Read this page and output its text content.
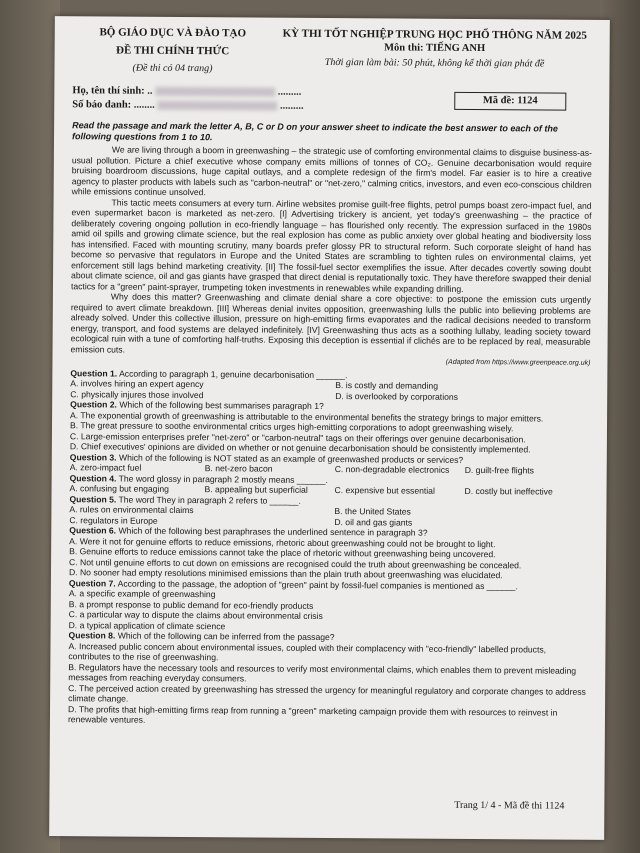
BỘ GIÁO DỤC VÀ ĐÀO TẠO
ĐỀ THI CHÍNH THỨC
(Đề thi có 04 trang)
KỲ THI TỐT NGHIỆP TRUNG HỌC PHỔ THÔNG NĂM 2025
Môn thi: TIẾNG ANH
Thời gian làm bài: 50 phút, không kể thời gian phát đề
Họ, tên thí sinh: ..	.........
Số báo danh: ........	.........	Mã đề: 1124
Read the passage and mark the letter A, B, C or D on your answer sheet to indicate the best answer to each of the following questions from 1 to 10.

We are living through a boom in greenwashing – the strategic use of comforting environmental claims to disguise business-as-usual pollution. Picture a chief executive whose company emits millions of tonnes of CO₂. Genuine decarbonisation would require bruising boardroom discussions, huge capital outlays, and a complete redesign of the firm's model. Far easier is to hire a creative agency to plaster products with labels such as "carbon-neutral" or "net-zero," calming critics, investors, and even eco-conscious children while emissions continue unsolved.

This tactic meets consumers at every turn. Airline websites promise guilt-free flights, petrol pumps boast zero-impact fuel, and even supermarket bacon is marketed as net-zero. [I] Advertising trickery is ancient, yet today's greenwashing – the practice of deliberately covering ongoing pollution in eco-friendly language – has flourished only recently. The expression surfaced in the 1980s amid oil spills and growing climate science, but the real explosion has come as public anxiety over global heating and biodiversity loss has intensified. Faced with mounting scrutiny, many boards prefer glossy PR to structural reform. Such corporate sleight of hand has become so pervasive that regulators in Europe and the United States are scrambling to tighten rules on environmental claims, yet enforcement still lags behind marketing creativity. [II] The fossil-fuel sector exemplifies the issue. After decades covertly sowing doubt about climate science, oil and gas giants have grasped that direct denial is reputationally toxic. They have therefore swapped their denial tactics for a "green" paint-sprayer, trumpeting token investments in renewables while expanding drilling.

Why does this matter? Greenwashing and climate denial share a core objective: to postpone the emission cuts urgently required to avert climate breakdown. [III] Whereas denial invites opposition, greenwashing lulls the public into believing problems are already solved. Under this collective illusion, pressure on high-emitting firms evaporates and the radical decisions needed to transform energy, transport, and food systems are delayed indefinitely. [IV] Greenwashing thus acts as a soothing lullaby, leading society toward ecological ruin with a tune of comforting half-truths. Exposing this deception is essential if clichés are to be replaced by real, measurable emission cuts.

(Adapted from https://www.greenpeace.org.uk)

Question 1. According to paragraph 1, genuine decarbonisation ______.

A. involves hiring an expert agency	B. is costly and demanding
C. physically injures those involved	D. is overlooked by corporations

Question 2. Which of the following best summarises paragraph 1?

A. The exponential growth of greenwashing is attributable to the environmental benefits the strategy brings to major emitters.
B. The great pressure to soothe environmental critics urges high-emitting corporations to adopt greenwashing wisely.
C. Large-emission enterprises prefer "net-zero" or "carbon-neutral" tags on their offerings over genuine decarbonisation.
D. Chief executives' opinions are divided on whether or not genuine decarbonisation should be consistently implemented.

Question 3. Which of the following is NOT stated as an example of greenwashed products or services?

A. zero-impact fuel	B. net-zero bacon	C. non-degradable electronics	D. guilt-free flights

Question 4. The word glossy in paragraph 2 mostly means ______.

A. confusing but engaging	B. appealing but superficial	C. expensive but essential	D. costly but ineffective

Question 5. The word They in paragraph 2 refers to ______.

A. rules on environmental claims	B. the United States
C. regulators in Europe	D. oil and gas giants

Question 6. Which of the following best paraphrases the underlined sentence in paragraph 3?

A. Were it not for genuine efforts to reduce emissions, rhetoric about greenwashing could not be brought to light.
B. Genuine efforts to reduce emissions cannot take the place of rhetoric without greenwashing being uncovered.
C. Not until genuine efforts to cut down on emissions are recognised could the truth about greenwashing be concealed.
D. No sooner had empty resolutions minimised emissions than the plain truth about greenwashing was elucidated.

Question 7. According to the passage, the adoption of "green" paint by fossil-fuel companies is mentioned as ______.

A. a specific example of greenwashing
B. a prompt response to public demand for eco-friendly products
C. a particular way to dispute the claims about environmental crisis
D. a typical application of climate science

Question 8. Which of the following can be inferred from the passage?

A. Increased public concern about environmental issues, coupled with their complacency with "eco-friendly" labelled products, contributes to the rise of greenwashing.
B. Regulators have the necessary tools and resources to verify most environmental claims, which enables them to prevent misleading messages from reaching everyday consumers.
C. The perceived action created by greenwashing has stressed the urgency for meaningful regulatory and corporate changes to address climate change.
D. The profits that high-emitting firms reap from running a "green" marketing campaign provide them with resources to reinvest in renewable ventures.
Trang 1/ 4 - Mã đề thi 1124
